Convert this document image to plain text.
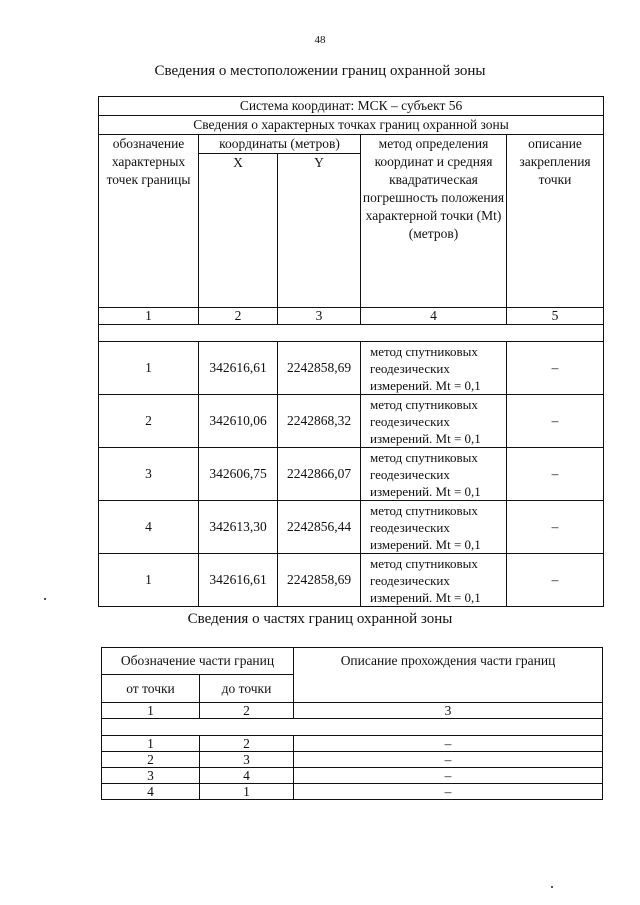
48
Сведения о местоположении границ охранной зоны
Система координат: МСК – субъект 56				
Сведения о характерных точках границ охранной зоны				
обозначение характерных точек границы	координаты (метров)		метод определения координат и средняя квадратическая погрешность положения характерной точки (Mt) (метров)	описание закрепления точки
	X	Y		
1	2	3	4	5

1	342616,61	2242858,69	метод спутниковых геодезических измерений. Mt = 0,1	–
2	342610,06	2242868,32	метод спутниковых геодезических измерений. Mt = 0,1	–
3	342606,75	2242866,07	метод спутниковых геодезических измерений. Mt = 0,1	–
4	342613,30	2242856,44	метод спутниковых геодезических измерений. Mt = 0,1	–
1	342616,61	2242858,69	метод спутниковых геодезических измерений. Mt = 0,1	–
Сведения о частях границ охранной зоны
Обозначение части границ		Описание прохождения части границ
от точки	до точки	
1	2	3

1	2	–
2	3	–
3	4	–
4	1	–
